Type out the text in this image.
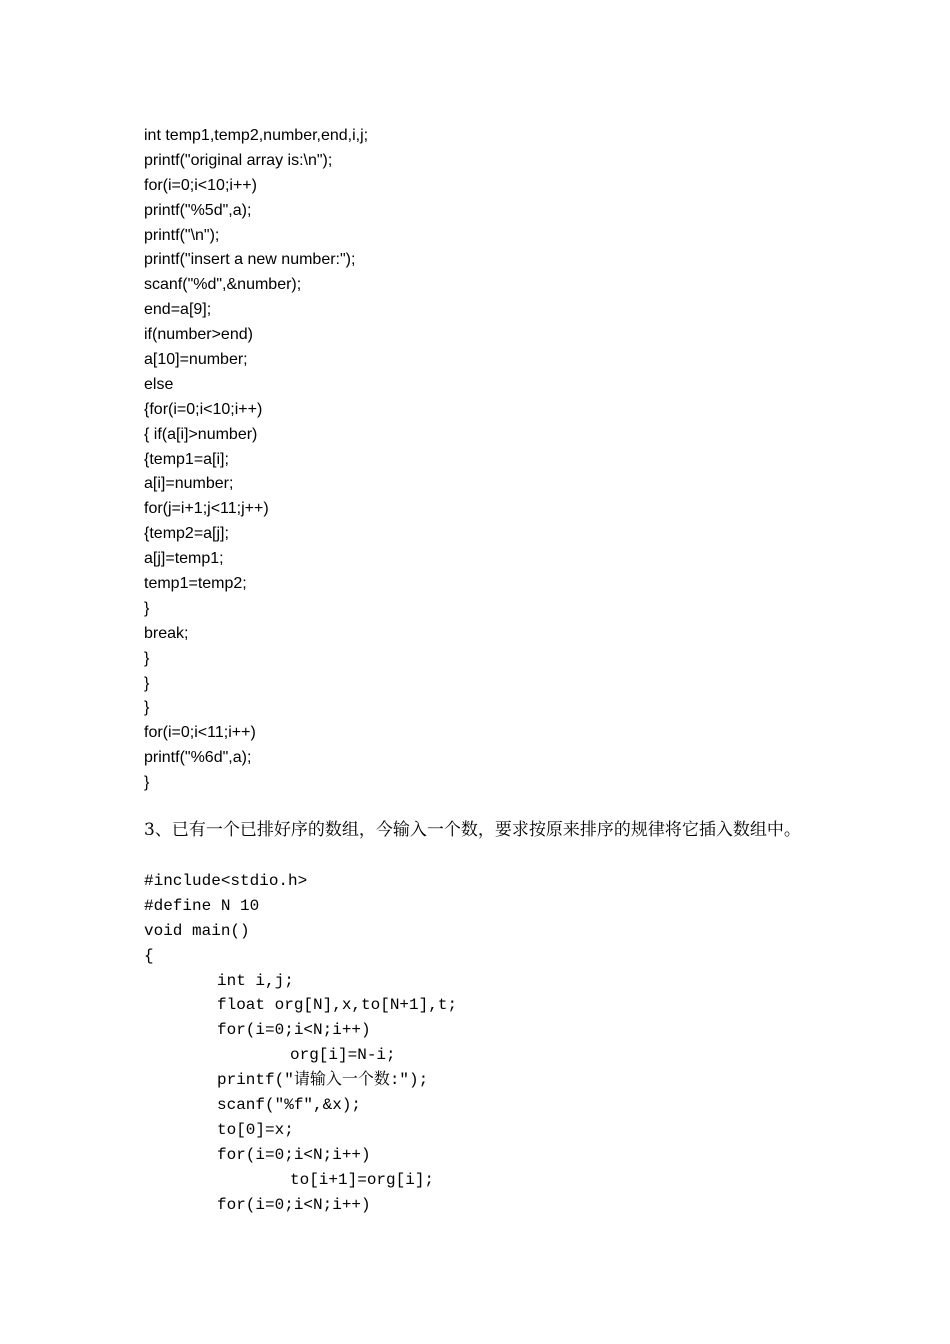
int temp1,temp2,number,end,i,j;
printf("original array is:\n");
for(i=0;i<10;i++)
printf("%5d",a);
printf("\n");
printf("insert a new number:");
scanf("%d",&number);
end=a[9];
if(number>end)
a[10]=number;
else
{for(i=0;i<10;i++)
{ if(a[i]>number)
{temp1=a[i];
a[i]=number;
for(j=i+1;j<11;j++)
{temp2=a[j];
a[j]=temp1;
temp1=temp2;
}
break;
}
}
}
for(i=0;i<11;i++)
printf("%6d",a);
}
3、已有一个已排好序的数组，今输入一个数，要求按原来排序的规律将它插入数组中。
#include<stdio.h>
#define N 10
void main()
{
int i,j;
float org[N],x,to[N+1],t;
for(i=0;i<N;i++)
org[i]=N-i;
printf("请输入一个数:");
scanf("%f",&x);
to[0]=x;
for(i=0;i<N;i++)
to[i+1]=org[i];
for(i=0;i<N;i++)
